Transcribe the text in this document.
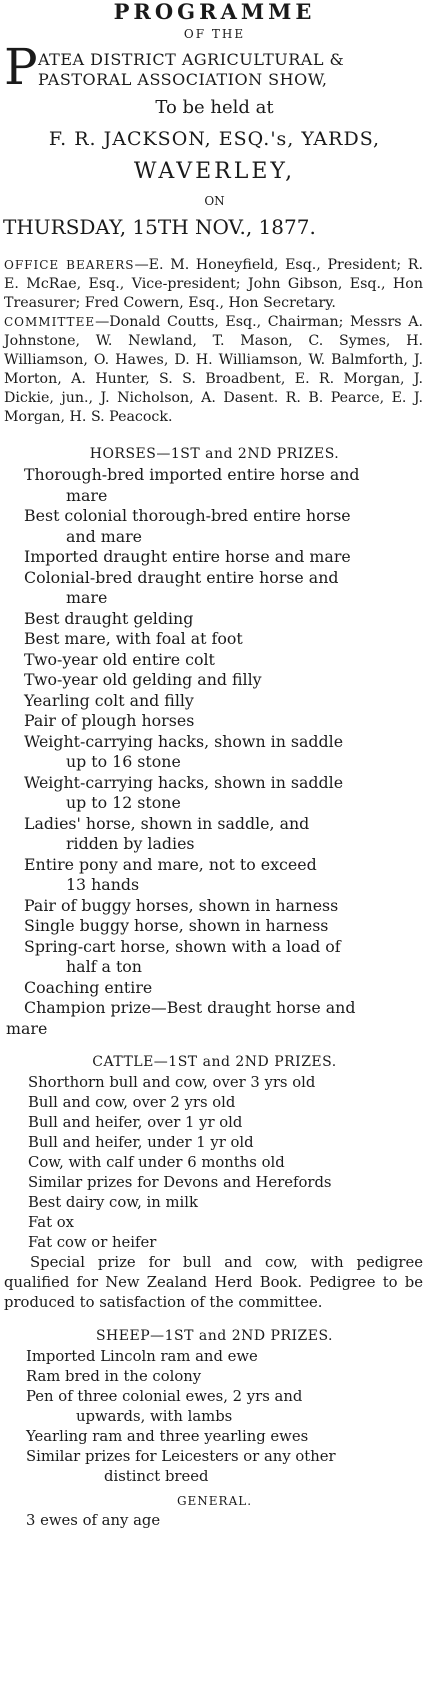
PROGRAMME
OF THE
P ATEA DISTRICT AGRICULTURAL &
PASTORAL ASSOCIATION SHOW,
To be held at
F. R. JACKSON, ESQ.'s, YARDS,
WAVERLEY,
ON
THURSDAY, 15TH NOV., 1877.
OFFICE BEARERS—E. M. Honeyfield, Esq., President; R. E. McRae, Esq., Vice-president; John Gibson, Esq., Hon Treasurer; Fred Cowern, Esq., Hon Secretary.
COMMITTEE—Donald Coutts, Esq., Chairman; Messrs A. Johnstone, W. Newland, T. Mason, C. Symes, H. Williamson, O. Hawes, D. H. Williamson, W. Balmforth, J. Morton, A. Hunter, S. S. Broadbent, E. R. Morgan, J. Dickie, jun., J. Nicholson, A. Dasent. R. B. Pearce, E. J. Morgan, H. S. Peacock.
HORSES—1ST and 2ND PRIZES.
Thorough-bred imported entire horse and
mare
Best colonial thorough-bred entire horse
and mare
Imported draught entire horse and mare
Colonial-bred draught entire horse and
mare
Best draught gelding
Best mare, with foal at foot
Two-year old entire colt
Two-year old gelding and filly
Yearling colt and filly
Pair of plough horses
Weight-carrying hacks, shown in saddle
up to 16 stone
Weight-carrying hacks, shown in saddle
up to 12 stone
Ladies' horse, shown in saddle, and
ridden by ladies
Entire pony and mare, not to exceed
13 hands
Pair of buggy horses, shown in harness
Single buggy horse, shown in harness
Spring-cart horse, shown with a load of
half a ton
Coaching entire
Champion prize—Best draught horse and
mare
CATTLE—1ST and 2ND PRIZES.
Shorthorn bull and cow, over 3 yrs old
Bull and cow, over 2 yrs old
Bull and heifer, over 1 yr old
Bull and heifer, under 1 yr old
Cow, with calf under 6 months old
Similar prizes for Devons and Herefords
Best dairy cow, in milk
Fat ox
Fat cow or heifer
Special prize for bull and cow, with pedigree qualified for New Zealand Herd Book. Pedigree to be produced to satisfaction of the committee.
SHEEP—1ST and 2ND PRIZES.
Imported Lincoln ram and ewe
Ram bred in the colony
Pen of three colonial ewes, 2 yrs and
upwards, with lambs
Yearling ram and three yearling ewes
Similar prizes for Leicesters or any other
distinct breed
GENERAL.
3 ewes of any age
